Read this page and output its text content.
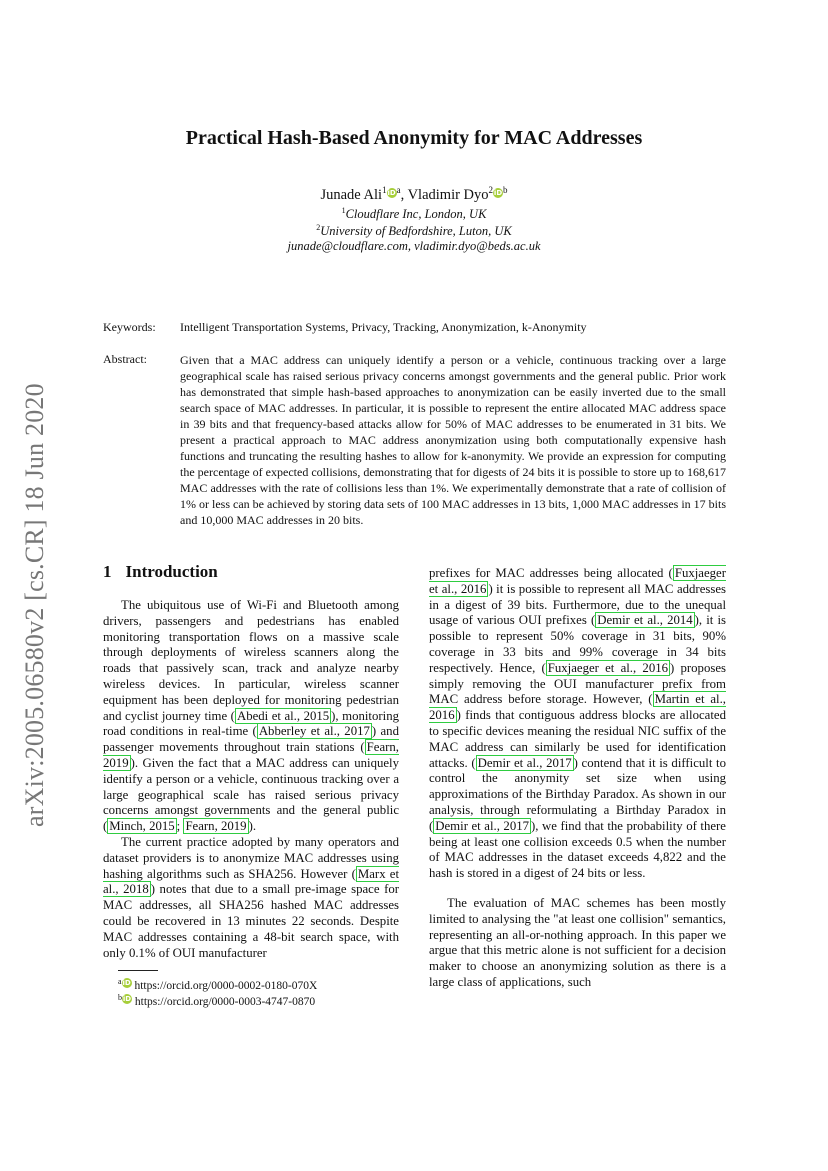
arXiv:2005.06580v2 [cs.CR] 18 Jun 2020
Practical Hash-Based Anonymity for MAC Addresses
Junade $Ali^1iD^a$, Vladimir $Dyo^2iD^b$
$^1$Cloudflare Inc, London, UK
$^2$University of Bedfordshire, Luton, UK
junade@cloudflare.com, vladimir.dyo@beds.ac.uk
Keywords: Intelligent Transportation Systems, Privacy, Tracking, Anonymization, k-Anonymity
Abstract:	Given that a MAC address can uniquely identify a person or a vehicle, continuous tracking over a large geographical scale has raised serious privacy concerns amongst governments and the general public. Prior work has demonstrated that simple hash-based approaches to anonymization can be easily inverted due to the small search space of MAC addresses. In particular, it is possible to represent the entire allocated MAC address space in 39 bits and that frequency-based attacks allow for 50% of MAC addresses to be enumerated in 31 bits. We present a practical approach to MAC address anonymization using both computationally expensive hash functions and truncating the resulting hashes to allow for k-anonymity. We provide an expression for computing the percentage of expected collisions, demonstrating that for digests of 24 bits it is possible to store up to 168,617 MAC addresses with the rate of collisions less than 1%. We experimentally demonstrate that a rate of collision of 1% or less can be achieved by storing data sets of 100 MAC addresses in 13 bits, 1,000 MAC addresses in 17 bits and 10,000 MAC addresses in 20 bits.
1 Introduction

The ubiquitous use of Wi-Fi and Bluetooth among drivers, passengers and pedestrians has enabled monitoring transportation flows on a massive scale through deployments of wireless scanners along the roads that passively scan, track and analyze nearby wireless devices. In particular, wireless scanner equipment has been deployed for monitoring pedestrian and cyclist journey time ( Abedi et al., 2015 ), monitoring road conditions in real-time ( Abberley et al., 2017 ) and passenger movements throughout train stations ( Fearn, 2019 ). Given the fact that a MAC address can uniquely identify a person or a vehicle, continuous tracking over a large geographical scale has raised serious privacy concerns amongst governments and the general public ( Minch, 2015 ; Fearn, 2019 ).

The current practice adopted by many operators and dataset providers is to anonymize MAC addresses using hashing algorithms such as SHA256. However ( Marx et al., 2018 ) notes that due to a small pre-image space for MAC addresses, all SHA256 hashed MAC addresses could be recovered in 13 minutes 22 seconds. Despite MAC addresses containing a 48-bit search space, with only 0.1% of OUI manufacturer

prefixes for MAC addresses being allocated ( Fuxjaeger et al., 2016 ) it is possible to represent all MAC addresses in a digest of 39 bits. Furthermore, due to the unequal usage of various OUI prefixes ( Demir et al., 2014 ), it is possible to represent 50% coverage in 31 bits, 90% coverage in 33 bits and 99% coverage in 34 bits respectively. Hence, ( Fuxjaeger et al., 2016 ) proposes simply removing the OUI manufacturer prefix from MAC address before storage. However, ( Martin et al., 2016 ) finds that contiguous address blocks are allocated to specific devices meaning the residual NIC suffix of the MAC address can similarly be used for identification attacks. ( Demir et al., 2017 ) contend that it is difficult to control the anonymity set size when using approximations of the Birthday Paradox. As shown in our analysis, through reformulating a Birthday Paradox in ( Demir et al., 2017 ), we find that the probability of there being at least one collision exceeds 0.5 when the number of MAC addresses in the dataset exceeds 4,822 and the hash is stored in a digest of 24 bits or less.

The evaluation of MAC schemes has been mostly limited to analysing the "at least one collision" semantics, representing an all-or-nothing approach. In this paper we argue that this metric alone is not sufficient for a decision maker to choose an anonymizing solution as there is a large class of applications, such

$^a$iD https://orcid.org/0000-0002-0180-070X
$^b$iD https://orcid.org/0000-0003-4747-0870
